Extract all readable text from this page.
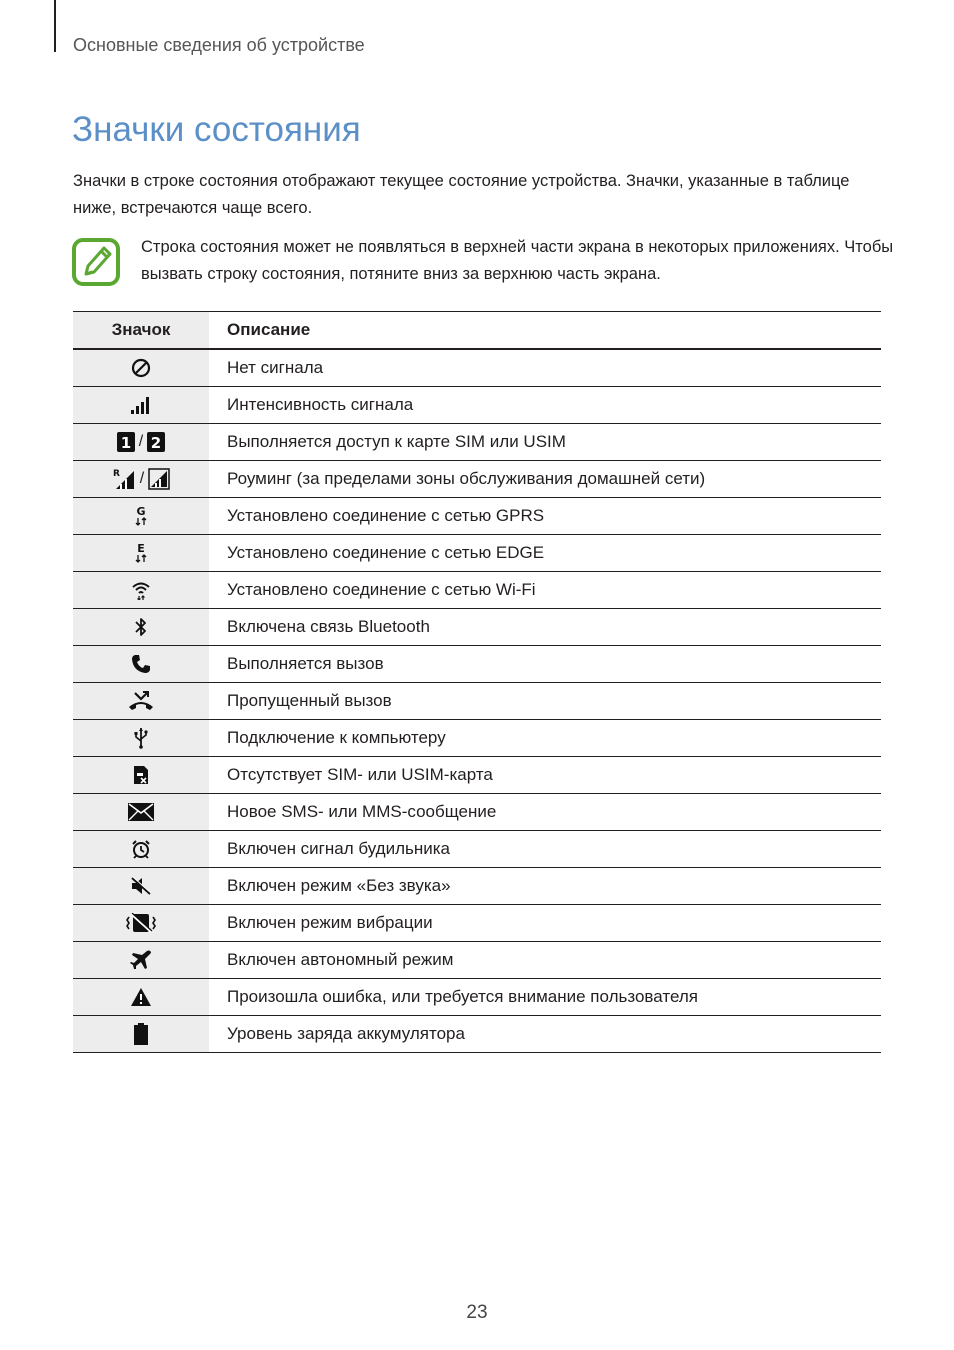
Основные сведения об устройстве
Значки состояния
Значки в строке состояния отображают текущее состояние устройства. Значки, указанные в таблице ниже, встречаются чаще всего.
Строка состояния может не появляться в верхней части экрана в некоторых приложениях. Чтобы вызвать строку состояния, потяните вниз за верхнюю часть экрана.
Значок	Описание
Нет сигнала
Интенсивность сигнала
1 / 2	Выполняется доступ к карте SIM или USIM
R /	Роуминг (за пределами зоны обслуживания домашней сети)
G	Установлено соединение с сетью GPRS
E	Установлено соединение с сетью EDGE
Установлено соединение с сетью Wi-Fi
Включена связь Bluetooth
Выполняется вызов
Пропущенный вызов
Подключение к компьютеру
Отсутствует SIM- или USIM-карта
Новое SMS- или MMS-сообщение
Включен сигнал будильника
Включен режим «Без звука»
Включен режим вибрации
Включен автономный режим
Произошла ошибка, или требуется внимание пользователя
Уровень заряда аккумулятора
23
